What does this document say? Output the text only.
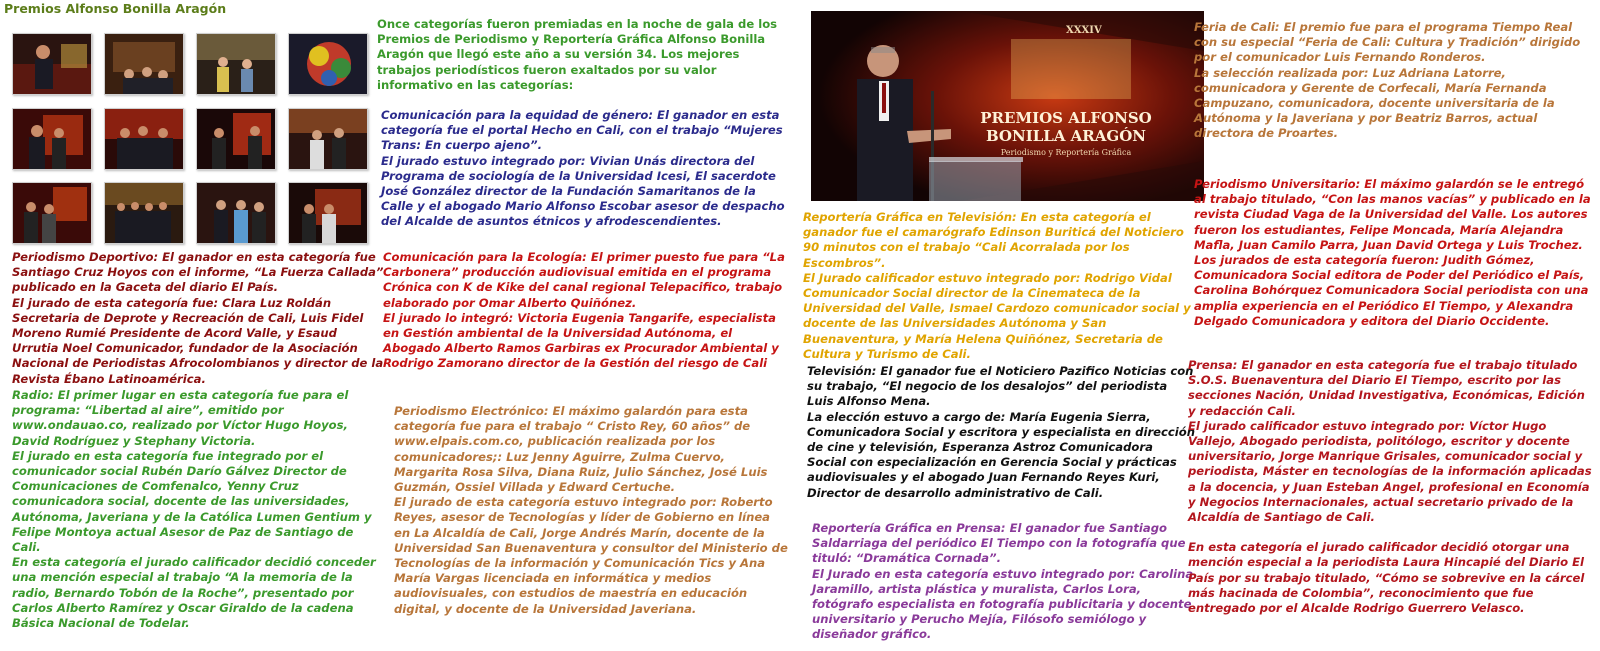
Premios Alfonso Bonilla Aragón
XXXIV
PREMIOS ALFONSO
BONILLA ARAGÓN
Periodismo y Reportería Gráfica

Periodismo Deportivo: El ganador en esta categoría fue Santiago Cruz Hoyos con el informe, “La Fuerza Callada” publicado en la Gaceta del diario El País.

El jurado de esta categoría fue: Clara Luz Roldán Secretaria de Deprote y Recreación de Cali, Luis Fidel Moreno Rumié Presidente de Acord Valle, y Esaud Urrutia Noel Comunicador, fundador de la Asociación Nacional de Periodistas Afrocolombianos y director de la Revista Ébano Latinoamérica.

Radio: El primer lugar en esta categoría fue para el programa: “Libertad al aire”, emitido por www.ondauao.co, realizado por Víctor Hugo Hoyos, David Rodríguez y Stephany Victoria.

El jurado en esta categoría fue integrado por el comunicador social Rubén Darío Gálvez Director de Comunicaciones de Comfenalco, Yenny Cruz comunicadora social, docente de las universidades, Autónoma, Javeriana y de la Católica Lumen Gentium y Felipe Montoya actual Asesor de Paz de Santiago de Cali.

En esta categoría el jurado calificador decidió conceder una mención especial al trabajo “A la memoria de la radio, Bernardo Tobón de la Roche”, presentado por Carlos Alberto Ramírez y Oscar Giraldo de la cadena Básica Nacional de Todelar.

Once categorías fueron premiadas en la noche de gala de los Premios de Periodismo y Reportería Gráfica Alfonso Bonilla Aragón que llegó este año a su versión 34. Los mejores trabajos periodísticos fueron exaltados por su valor informativo en las categorías:

Comunicación para la equidad de género: El ganador en esta categoría fue el portal Hecho en Cali, con el trabajo “Mujeres Trans: En cuerpo ajeno”.

El jurado estuvo integrado por: Vivian Unás directora del Programa de sociología de la Universidad Icesi, El sacerdote José González director de la Fundación Samaritanos de la Calle y el abogado Mario Alfonso Escobar asesor de despacho del Alcalde de asuntos étnicos y afrodescendientes.

Comunicación para la Ecología: El primer puesto fue para “La Carbonera” producción audiovisual emitida en el programa Crónica con K de Kike del canal regional Telepacifico, trabajo elaborado por Omar Alberto Quiñónez.

El jurado lo integró: Victoria Eugenia Tangarife, especialista en Gestión ambiental de la Universidad Autónoma, el Abogado Alberto Ramos Garbiras ex Procurador Ambiental y Rodrigo Zamorano director de la Gestión del riesgo de Cali

Periodismo Electrónico: El máximo galardón para esta categoría fue para el trabajo “ Cristo Rey, 60 años” de www.elpais.com.co, publicación realizada por los comunicadores;: Luz Jenny Aguirre, Zulma Cuervo, Margarita Rosa Silva, Diana Ruiz, Julio Sánchez, José Luis Guzmán, Ossiel Villada y Edward Certuche.

El jurado de esta categoría estuvo integrado por: Roberto Reyes, asesor de Tecnologías y líder de Gobierno en línea en La Alcaldía de Cali, Jorge Andrés Marín, docente de la Universidad San Buenaventura y consultor del Ministerio de Tecnologías de la información y Comunicación Tics y Ana María Vargas licenciada en informática y medios audiovisuales, con estudios de maestría en educación digital, y docente de la Universidad Javeriana.

Reportería Gráfica en Televisión: En esta categoría el ganador fue el camarógrafo Edinson Buriticá del Noticiero 90 minutos con el trabajo “Cali Acorralada por los Escombros”.

El Jurado calificador estuvo integrado por: Rodrigo Vidal Comunicador Social director de la Cinemateca de la Universidad del Valle, Ismael Cardozo comunicador social y docente de las Universidades Autónoma y San Buenaventura, y María Helena Quiñónez, Secretaria de Cultura y Turismo de Cali.

Televisión: El ganador fue el Noticiero Pazifico Noticias con su trabajo, “El negocio de los desalojos” del periodista Luis Alfonso Mena.

La elección estuvo a cargo de: María Eugenia Sierra, Comunicadora Social y escritora y especialista en dirección de cine y televisión, Esperanza Astroz Comunicadora Social con especialización en Gerencia Social y prácticas audiovisuales y el abogado Juan Fernando Reyes Kuri, Director de desarrollo administrativo de Cali.

Reportería Gráfica en Prensa: El ganador fue Santiago Saldarriaga del periódico El Tiempo con la fotografía que tituló: “Dramática Cornada”.

El Jurado en esta categoría estuvo integrado por: Carolina Jaramillo, artista plástica y muralista, Carlos Lora, fotógrafo especialista en fotografía publicitaria y docente universitario y Perucho Mejía, Filósofo semiólogo y diseñador gráfico.

Feria de Cali: El premio fue para el programa Tiempo Real con su especial “Feria de Cali: Cultura y Tradición” dirigido por el comunicador Luis Fernando Ronderos.

La selección realizada por: Luz Adriana Latorre, comunicadora y Gerente de Corfecali, María Fernanda Campuzano, comunicadora, docente universitaria de la Autónoma y la Javeriana y por Beatriz Barros, actual directora de Proartes.

Periodismo Universitario: El máximo galardón se le entregó al trabajo titulado, “Con las manos vacías” y publicado en la revista Ciudad Vaga de la Universidad del Valle. Los autores fueron los estudiantes, Felipe Moncada, María Alejandra Mafla, Juan Camilo Parra, Juan David Ortega y Luis Trochez. Los jurados de esta categoría fueron: Judith Gómez, Comunicadora Social editora de Poder del Periódico el País, Carolina Bohórquez Comunicadora Social periodista con una amplia experiencia en el Periódico El Tiempo, y Alexandra Delgado Comunicadora y editora del Diario Occidente.

Prensa: El ganador en esta categoría fue el trabajo titulado S.O.S. Buenaventura del Diario El Tiempo, escrito por las secciones Nación, Unidad Investigativa, Económicas, Edición y redacción Cali.

El jurado calificador estuvo integrado por: Víctor Hugo Vallejo, Abogado periodista, politólogo, escritor y docente universitario, Jorge Manrique Grisales, comunicador social y periodista, Máster en tecnologías de la información aplicadas a la docencia, y Juan Esteban Angel, profesional en Economía y Negocios Internacionales, actual secretario privado de la Alcaldía de Santiago de Cali.

En esta categoría el jurado calificador decidió otorgar una mención especial a la periodista Laura Hincapié del Diario El País por su trabajo titulado, “Cómo se sobrevive en la cárcel más hacinada de Colombia”, reconocimiento que fue entregado por el Alcalde Rodrigo Guerrero Velasco.
